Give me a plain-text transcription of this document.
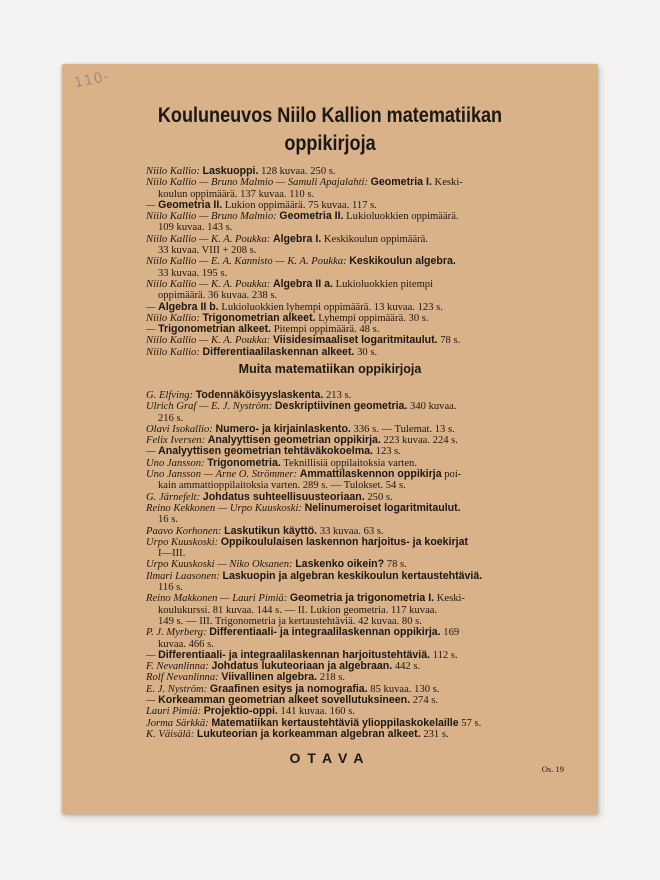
110-
Kouluneuvos Niilo Kallion matematiikan
oppikirjoja
Niilo Kallio: Laskuoppi. 128 kuvaa. 250 s.
Niilo Kallio — Bruno Malmio — Samuli Apajalahti: Geometria I. Keski-
koulun oppimäärä. 137 kuvaa. 110 s.
— Geometria II. Lukion oppimäärä. 75 kuvaa. 117 s.
Niilo Kallio — Bruno Malmio: Geometria II. Lukioluokkien oppimäärä.
109 kuvaa. 143 s.
Niilo Kallio — K. A. Poukka: Algebra I. Keskikoulun oppimäärä.
33 kuvaa. VIII + 208 s.
Niilo Kallio — E. A. Kannisto — K. A. Poukka: Keskikoulun algebra.
33 kuvaa. 195 s.
Niilo Kallio — K. A. Poukka: Algebra II a. Lukioluokkien pitempi
oppimäärä. 36 kuvaa. 238 s.
— Algebra II b. Lukioluokkien lyhempi oppimäärä. 13 kuvaa. 123 s.
Niilo Kallio: Trigonometrian alkeet. Lyhempi oppimäärä. 30 s.
— Trigonometrian alkeet. Pitempi oppimäärä. 48 s.
Niilo Kallio — K. A. Poukka: Viisidesimaaliset logaritmitaulut. 78 s.
Niilo Kallio: Differentiaalilaskennan alkeet. 30 s.
Muita matematiikan oppikirjoja
G. Elfving: Todennäköisyyslaskenta. 213 s.
Ulrich Graf — E. J. Nyström: Deskriptiivinen geometria. 340 kuvaa.
216 s.
Olavi Isokallio: Numero- ja kirjainlaskento. 336 s. — Tulemat. 13 s.
Felix Iversen: Analyyttisen geometrian oppikirja. 223 kuvaa. 224 s.
— Analyyttisen geometrian tehtäväkokoelma. 123 s.
Uno Jansson: Trigonometria. Teknillisiä oppilaitoksia varten.
Uno Jansson — Arne O. Strömmer: Ammattilaskennon oppikirja poi-
kain ammattioppilaitoksia varten. 289 s. — Tulokset. 54 s.
G. Järnefelt: Johdatus suhteellisuusteoriaan. 250 s.
Reino Kekkonen — Urpo Kuuskoski: Nelinumeroiset logaritmitaulut.
16 s.
Paavo Korhonen: Laskutikun käyttö. 33 kuvaa. 63 s.
Urpo Kuuskoski: Oppikoululaisen laskennon harjoitus- ja koekirjat
I—III.
Urpo Kuuskoski — Niko Oksanen: Laskenko oikein? 78 s.
Ilmari Laasonen: Laskuopin ja algebran keskikoulun kertaustehtäviä.
116 s.
Reino Makkonen — Lauri Pimiä: Geometria ja trigonometria I. Keski-
koulukurssi. 81 kuvaa. 144 s. — II. Lukion geometria. 117 kuvaa.
149 s. — III. Trigonometria ja kertaustehtäviä. 42 kuvaa. 80 s.
P. J. Myrberg: Differentiaali- ja integraalilaskennan oppikirja. 169
kuvaa. 466 s.
— Differentiaali- ja integraalilaskennan harjoitustehtäviä. 112 s.
F. Nevanlinna: Johdatus lukuteoriaan ja algebraan. 442 s.
Rolf Nevanlinna: Viivallinen algebra. 218 s.
E. J. Nyström: Graafinen esitys ja nomografia. 85 kuvaa. 130 s.
— Korkeamman geometrian alkeet sovellutuksineen. 274 s.
Lauri Pimiä: Projektio-oppi. 141 kuvaa. 160 s.
Jorma Särkkä: Matematiikan kertaustehtäviä ylioppilaskokelaille 57 s.
K. Väisälä: Lukuteorian ja korkeamman algebran alkeet. 231 s.
OTAVA
Os. 19
